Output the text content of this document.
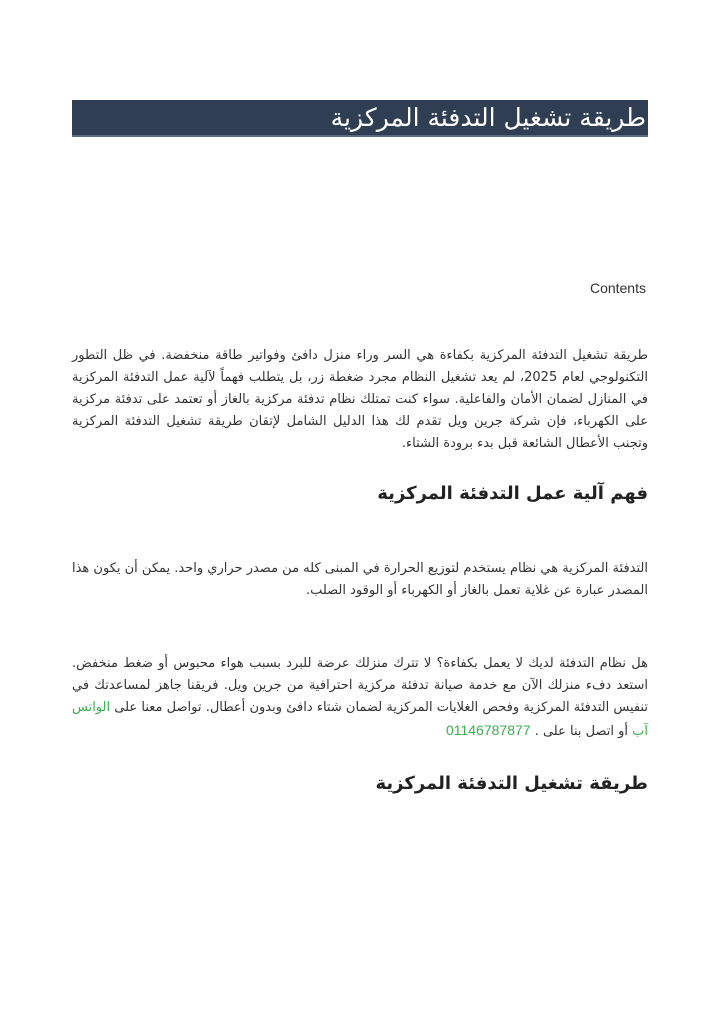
طريقة تشغيل التدفئة المركزية
Contents

طريقة تشغيل التدفئة المركزية بكفاءة هي السر وراء منزل دافئ وفواتير طاقة منخفضة. في ظل التطور التكنولوجي لعام 2025، لم يعد تشغيل النظام مجرد ضغطة زر، بل يتطلب فهماً لآلية عمل التدفئة المركزية في المنازل لضمان الأمان والفاعلية. سواء كنت تمتلك نظام تدفئة مركزية بالغاز أو تعتمد على تدفئة مركزية على الكهرباء، فإن شركة جرين ويل تقدم لك هذا الدليل الشامل لإتقان طريقة تشغيل التدفئة المركزية وتجنب الأعطال الشائعة قبل بدء برودة الشتاء.

فهم آلية عمل التدفئة المركزية

التدفئة المركزية هي نظام يستخدم لتوزيع الحرارة في المبنى كله من مصدر حراري واحد. يمكن أن يكون هذا المصدر عبارة عن غلاية تعمل بالغاز أو الكهرباء أو الوقود الصلب.

هل نظام التدفئة لديك لا يعمل بكفاءة؟ لا تترك منزلك عرضة للبرد بسبب هواء محبوس أو ضغط منخفض. استعد دفء منزلك الآن مع خدمة صيانة تدفئة مركزية احترافية من جرين ويل. فريقنا جاهز لمساعدتك في تنفيس التدفئة المركزية وفحص الغلايات المركزية لضمان شتاء دافئ وبدون أعطال. تواصل معنا على الواتس آب أو اتصل بنا على . 01146787877

طريقة تشغيل التدفئة المركزية
